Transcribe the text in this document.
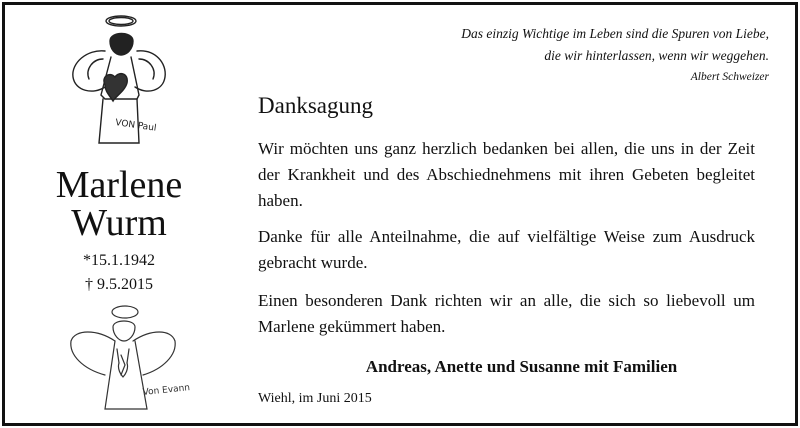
Das einzig Wichtige im Leben sind die Spuren von Liebe,
die wir hinterlassen, wenn wir weggehen.
Albert Schweizer
VON Paul
Marlene
Wurm
*15.1.1942
† 9.5.2015
Von Evann
Danksagung
Wir möchten uns ganz herzlich bedanken bei allen, die uns in der Zeit der Krankheit und des Abschiednehmens mit ihren Gebeten begleitet haben.
Danke für alle Anteilnahme, die auf vielfältige Weise zum Ausdruck gebracht wurde.
Einen besonderen Dank richten wir an alle, die sich so liebevoll um Marlene gekümmert haben.
Andreas, Anette und Susanne mit Familien
Wiehl, im Juni 2015
